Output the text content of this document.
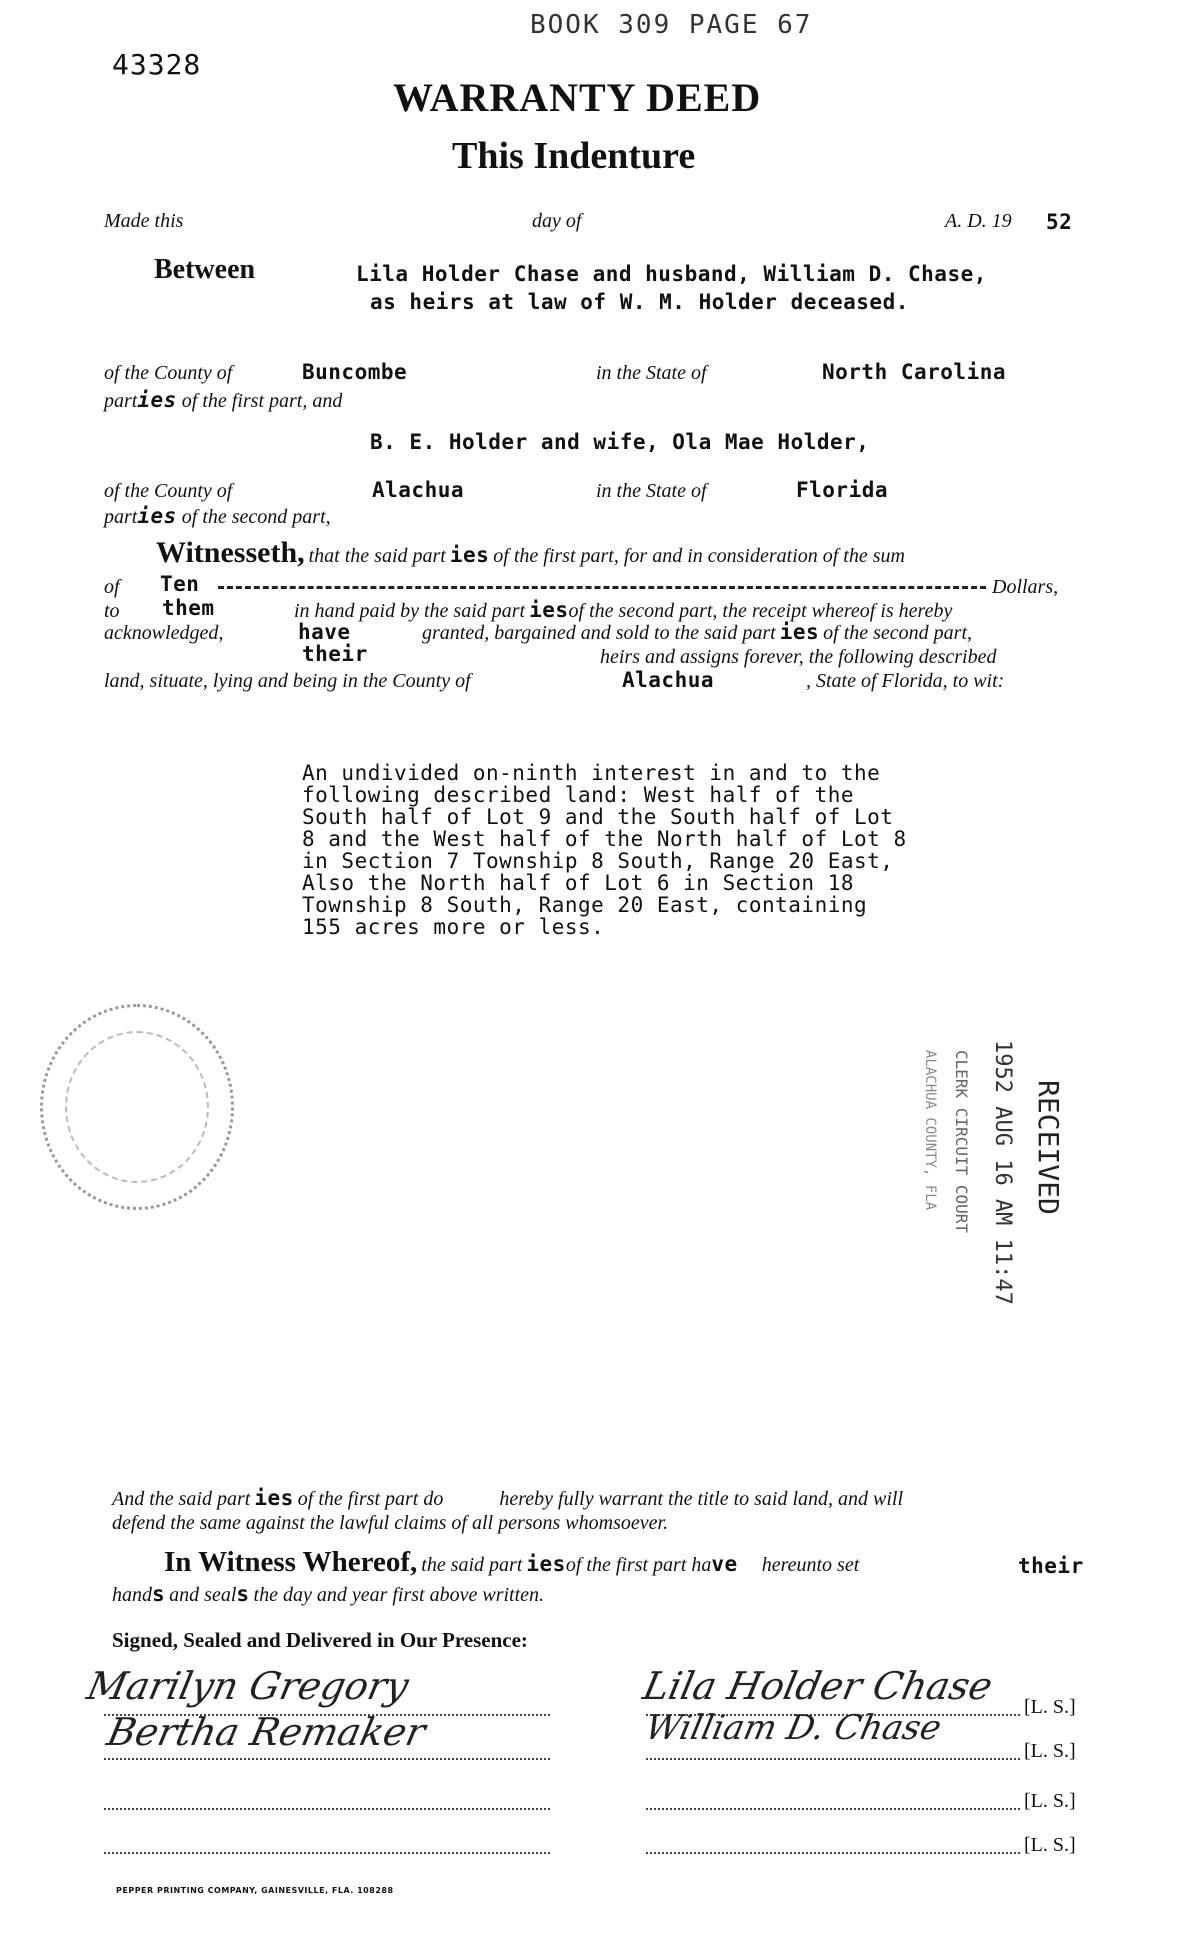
43328
BOOK 309 PAGE 67
WARRANTY DEED
This Indenture
Made this	day of	A. D. 19 52
Between	Lila Holder Chase and husband, William D. Chase,
as heirs at law of W. M. Holder deceased.
of the County of	Buncombe	in the State of	North Carolina
parties of the first part, and
B. E. Holder and wife, Ola Mae Holder,
of the County of	Alachua	in the State of	Florida
parties of the second part,
Witnesseth, that the said part ies of the first part, for and in consideration of the sum
of Ten	Dollars,
to them	in hand paid by the said part iesof the second part, the receipt whereof is hereby
acknowledged,	have	granted, bargained and sold to the said part ies of the second part,
their	heirs and assigns forever, the following described
land, situate, lying and being in the County of	Alachua	, State of Florida, to wit:
An undivided on-ninth interest in and to the
following described land: West half of the
South half of Lot 9 and the South half of Lot
8 and the West half of the North half of Lot 8
in Section 7 Township 8 South, Range 20 East,
Also the North half of Lot 6 in Section 18
Township 8 South, Range 20 East, containing
155 acres more or less.
RECEIVED
1952 AUG 16 AM 11:47
CLERK CIRCUIT COURT
ALACHUA COUNTY, FLA
And the said part ies of the first part do	hereby fully warrant the title to said land, and will
defend the same against the lawful claims of all persons whomsoever.
In Witness Whereof, the said part iesof the first part have hereunto set	their
hands and seals the day and year first above written.
Signed, Sealed and Delivered in Our Presence:
Marilyn Gregory
Bertha Remaker
Lila Holder Chase [L. S.]
William D. Chase
[L. S.]
[L. S.]
[L. S.]
PEPPER PRINTING COMPANY, GAINESVILLE, FLA. 108288
